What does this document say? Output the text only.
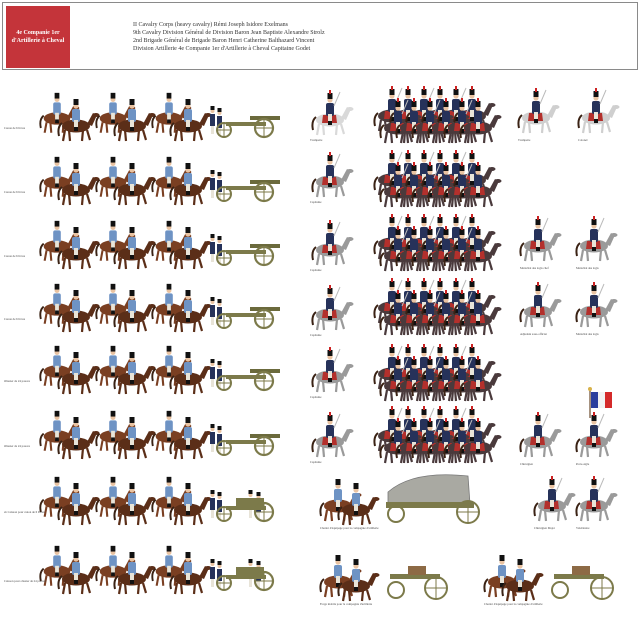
4e Companie 1er
d'Artillerie à Cheval
II Cavalry Corps (heavy cavalry) Rémi Joseph Isidore Exelmans
9th Cavalry Division Général de Division Baron Jean Baptiste Alexandre Strolz
2nd Brigade Général de Brigade Baron Henri Catherine Balthazard Vincent
Division Artillerie 4e Companie 1er d'Artillerie à Cheval Capitaine Godet
Canon de 6 livres
Canon de 6 livres
Canon de 6 livres
Canon de 6 livres
Obusier de 24 pouces
Obusier de 24 pouces
2e Caisson pour canon de 6 livres
Caisson pour obusier de 24 pouces
Trompette
Capitaine
Capitaine
Capitaine
Capitaine
Capitaine
Trompette	Colonel
Maréchal des logis chef	Maréchal des logis
Adjudant sous-officier	Maréchal des logis
Chirurgien	Porte-aigle
Chirurgien Major	Vétérinaire
Chariot d'équipage pour la compagnie d'artillerie
Forge mobile pour la compagnie d'artillerie	Chariot d'équipage pour la compagnie d'artillerie
